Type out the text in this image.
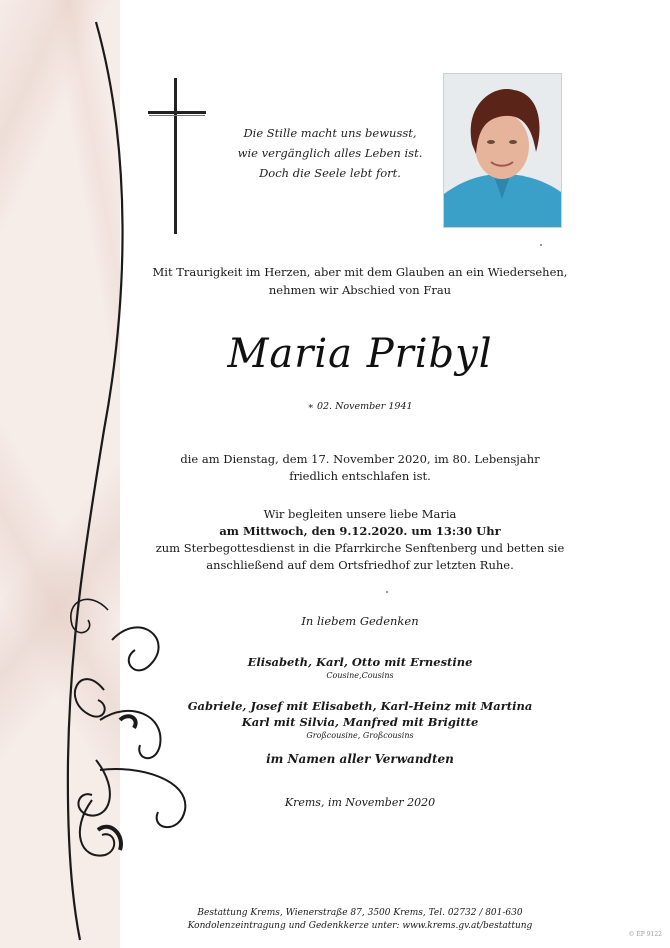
Die Stille macht uns bewusst,
wie vergänglich alles Leben ist.
Doch die Seele lebt fort.
Mit Traurigkeit im Herzen, aber mit dem Glauben an ein Wiedersehen,
nehmen wir Abschied von Frau
Maria Pribyl
∗ 02. November 1941
die am Dienstag, dem 17. November 2020, im 80. Lebensjahr
friedlich entschlafen ist.
Wir begleiten unsere liebe Maria
am Mittwoch, den 9.12.2020. um 13:30 Uhr
zum Sterbegottesdienst in die Pfarrkirche Senftenberg und betten sie
anschließend auf dem Ortsfriedhof zur letzten Ruhe.
In liebem Gedenken
Elisabeth, Karl, Otto mit Ernestine
Cousine,Cousins
Gabriele, Josef mit Elisabeth, Karl-Heinz mit Martina
Karl mit Silvia, Manfred mit Brigitte
Großcousine, Großcousins
im Namen aller Verwandten
Krems, im November 2020
Bestattung Krems, Wienerstraße 87, 3500 Krems, Tel. 02732 / 801-630
Kondolenzeintragung und Gedenkkerze unter: www.krems.gv.at/bestattung
© EP 9122
